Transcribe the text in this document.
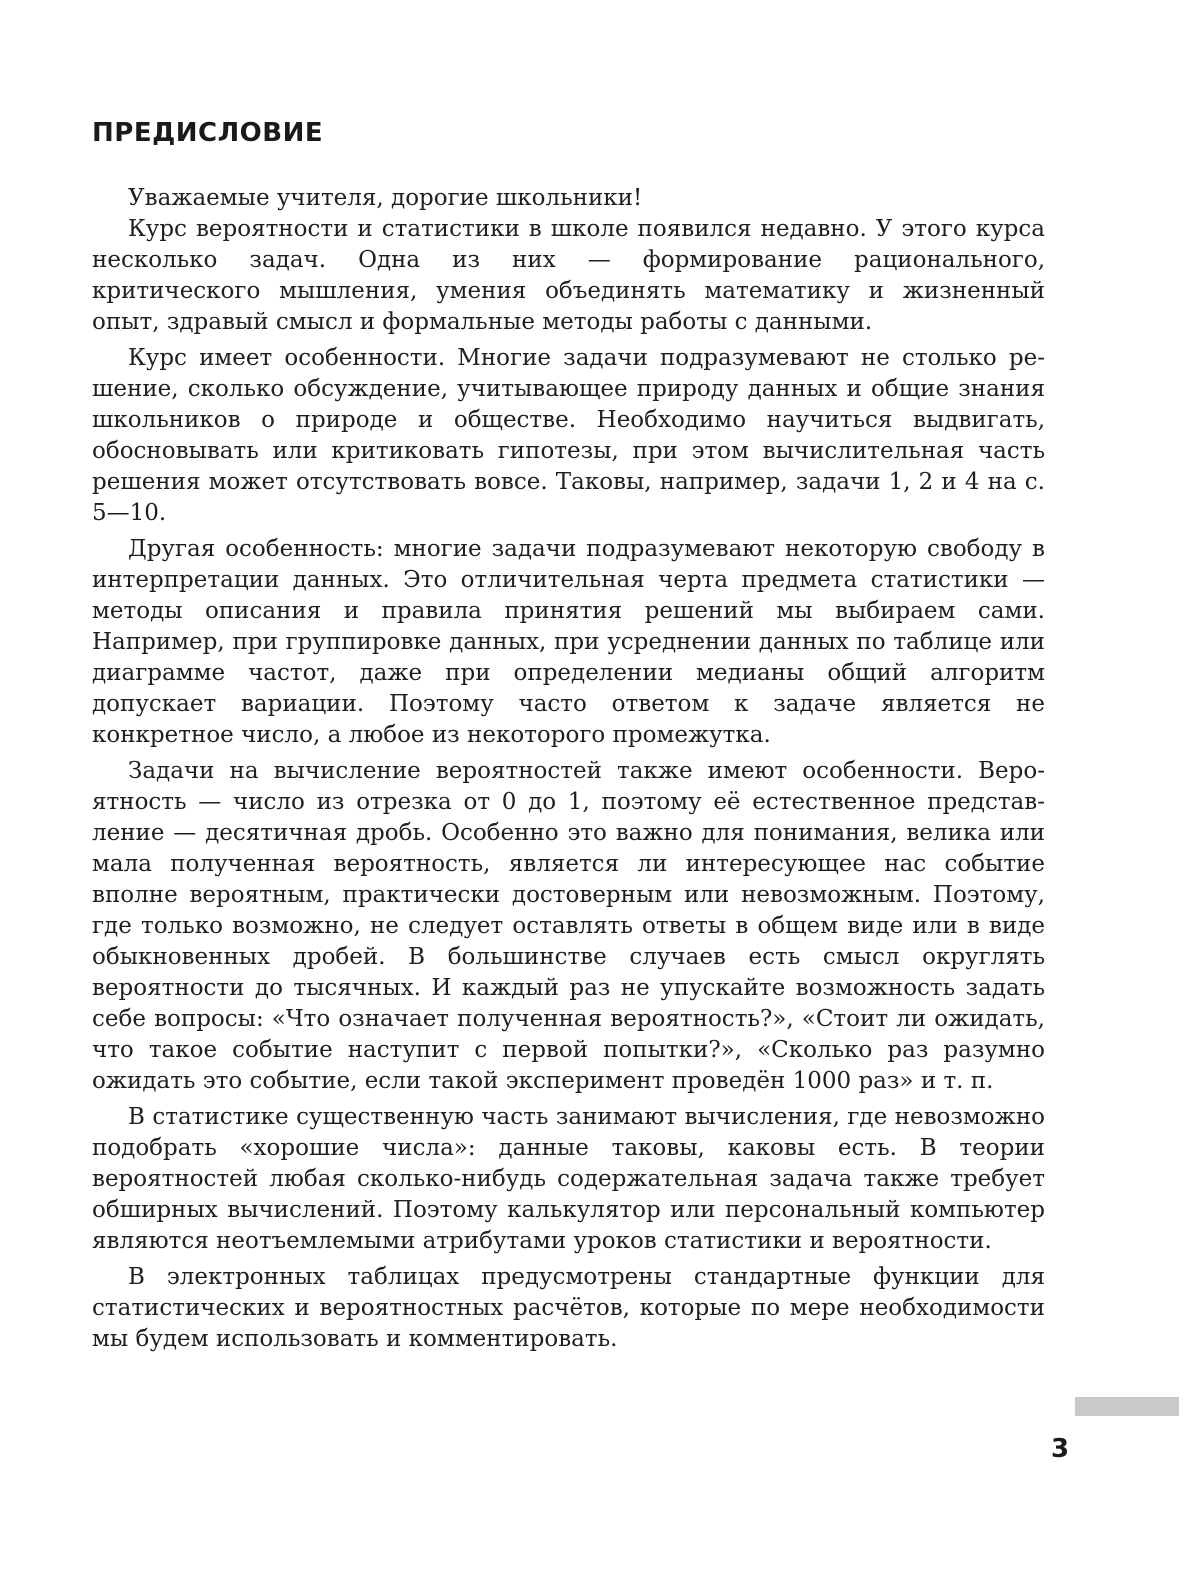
ПРЕДИСЛОВИЕ

Уважаемые учителя, дорогие школьники!

Курс вероятности и статистики в школе появился недавно. У этого курса несколько задач. Одна из них — формирование рационального, критического мышления, умения объединять математику и жизненный опыт, здравый смысл и формальные методы работы с данными.

Курс имеет особенности. Многие задачи подразумевают не столько решение, сколько обсуждение, учитывающее природу данных и общие знания школьников о природе и обществе. Необходимо научиться выдвигать, обосновывать или критиковать гипотезы, при этом вычислительная часть решения может отсутствовать вовсе. Таковы, например, задачи 1, 2 и 4 на с. 5—10.

Другая особенность: многие задачи подразумевают некоторую свободу в интерпретации данных. Это отличительная черта предмета статистики — методы описания и правила принятия решений мы выбираем сами. Например, при группировке данных, при усреднении данных по таблице или диаграмме частот, даже при определении медианы общий алгоритм допускает вариации. Поэтому часто ответом к задаче является не конкретное число, а любое из некоторого промежутка.

Задачи на вычисление вероятностей также имеют особенности. Вероятность — число из отрезка от 0 до 1, поэтому её естественное представление — десятичная дробь. Особенно это важно для понимания, велика или мала полученная вероятность, является ли интересующее нас событие вполне вероятным, практически достоверным или невозможным. Поэтому, где только возможно, не следует оставлять ответы в общем виде или в виде обыкновенных дробей. В большинстве случаев есть смысл округлять вероятности до тысячных. И каждый раз не упускайте возможность задать себе вопросы: «Что означает полученная вероятность?», «Стоит ли ожидать, что такое событие наступит с первой попытки?», «Сколько раз разумно ожидать это событие, если такой эксперимент проведён 1000 раз» и т. п.

В статистике существенную часть занимают вычисления, где невозможно подобрать «хорошие числа»: данные таковы, каковы есть. В теории вероятностей любая сколько-нибудь содержательная задача также требует обширных вычислений. Поэтому калькулятор или персональный компьютер являются неотъемлемыми атрибутами уроков статистики и вероятности.

В электронных таблицах предусмотрены стандартные функции для статистических и вероятностных расчётов, которые по мере необходимости мы будем использовать и комментировать.

3
